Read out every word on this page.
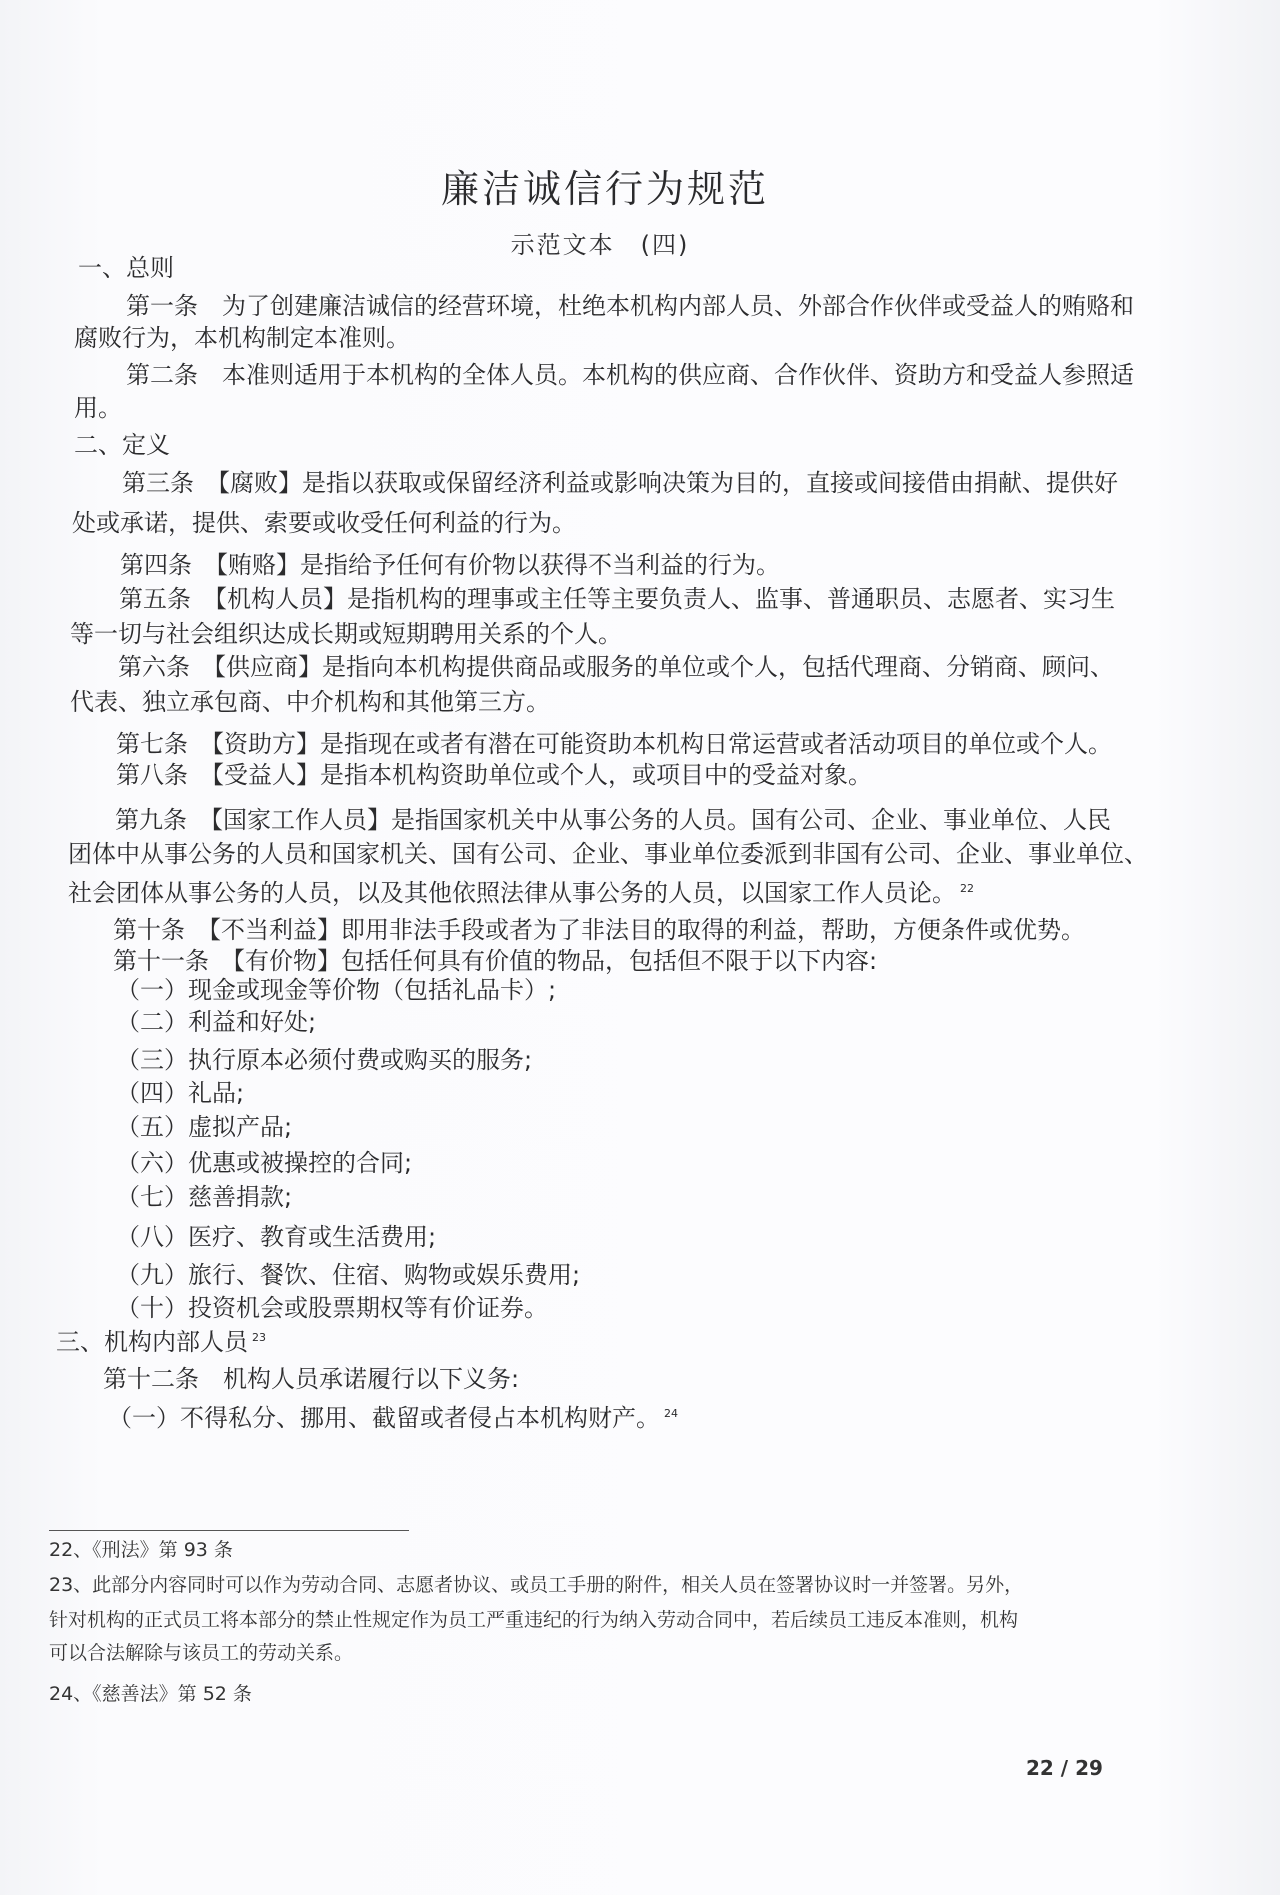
廉洁诚信行为规范
示范文本　(四)
一、总则
第一条　为了创建廉洁诚信的经营环境，杜绝本机构内部人员、外部合作伙伴或受益人的贿赂和
腐败行为，本机构制定本准则。
第二条　本准则适用于本机构的全体人员。本机构的供应商、合作伙伴、资助方和受益人参照适
用。
二、定义
第三条　【腐败】是指以获取或保留经济利益或影响决策为目的，直接或间接借由捐献、提供好
处或承诺，提供、索要或收受任何利益的行为。
第四条　【贿赂】是指给予任何有价物以获得不当利益的行为。
第五条　【机构人员】是指机构的理事或主任等主要负责人、监事、普通职员、志愿者、实习生
等一切与社会组织达成长期或短期聘用关系的个人。
第六条　【供应商】是指向本机构提供商品或服务的单位或个人，包括代理商、分销商、顾问、
代表、独立承包商、中介机构和其他第三方。
第七条　【资助方】是指现在或者有潜在可能资助本机构日常运营或者活动项目的单位或个人。
第八条　【受益人】是指本机构资助单位或个人，或项目中的受益对象。
第九条　【国家工作人员】是指国家机关中从事公务的人员。国有公司、企业、事业单位、人民
团体中从事公务的人员和国家机关、国有公司、企业、事业单位委派到非国有公司、企业、事业单位、
社会团体从事公务的人员，以及其他依照法律从事公务的人员，以国家工作人员论。 $^{22}$
第十条　【不当利益】即用非法手段或者为了非法目的取得的利益，帮助，方便条件或优势。
第十一条　【有价物】包括任何具有价值的物品，包括但不限于以下内容:
（一）现金或现金等价物（包括礼品卡）;
（二）利益和好处;
（三）执行原本必须付费或购买的服务;
（四）礼品;
（五）虚拟产品;
（六）优惠或被操控的合同;
（七）慈善捐款;
（八）医疗、教育或生活费用;
（九）旅行、餐饮、住宿、购物或娱乐费用;
（十）投资机会或股票期权等有价证券。
三、机构内部人员 $^{23}$
第十二条　机构人员承诺履行以下义务:
（一）不得私分、挪用、截留或者侵占本机构财产。 $^{24}$
22、《刑法》第 93 条
23、此部分内容同时可以作为劳动合同、志愿者协议、或员工手册的附件，相关人员在签署协议时一并签署。另外，
针对机构的正式员工将本部分的禁止性规定作为员工严重违纪的行为纳入劳动合同中，若后续员工违反本准则，机构
可以合法解除与该员工的劳动关系。
24、《慈善法》第 52 条
22 / 29
